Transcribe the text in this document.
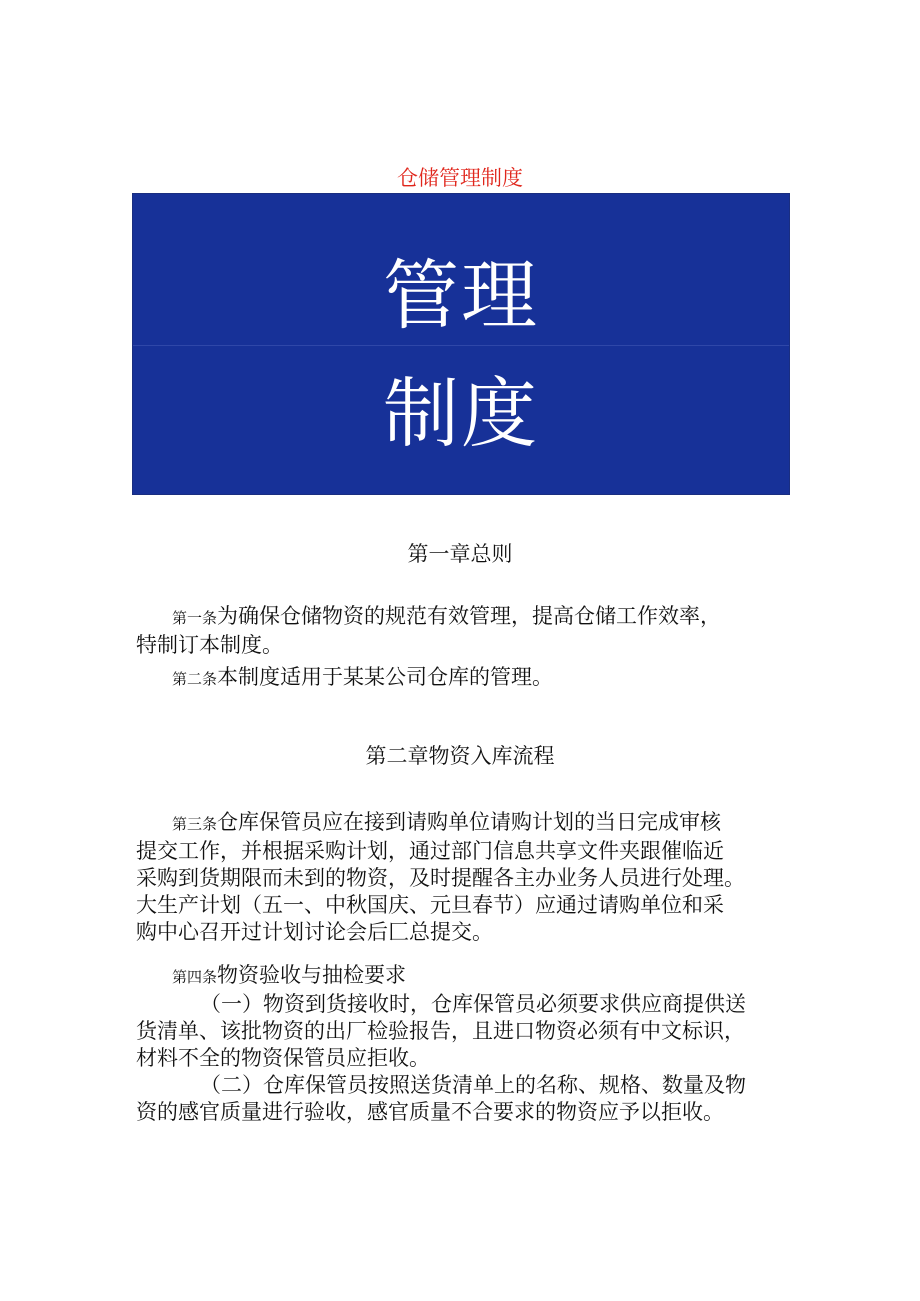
仓储管理制度
管理
制度
第一章总则
第一条为确保仓储物资的规范有效管理，提高仓储工作效率，
特制订本制度。
第二条本制度适用于某某公司仓库的管理。
第二章物资入库流程
第三条仓库保管员应在接到请购单位请购计划的当日完成审核
提交工作，并根据采购计划，通过部门信息共享文件夹跟催临近
采购到货期限而未到的物资，及时提醒各主办业务人员进行处理。
大生产计划（五一、中秋国庆、元旦春节）应通过请购单位和采
购中心召开过计划讨论会后匚总提交。
第四条物资验收与抽检要求
（一）物资到货接收时，仓库保管员必须要求供应商提供送
货清单、该批物资的出厂检验报告，且进口物资必须有中文标识，
材料不全的物资保管员应拒收。
（二）仓库保管员按照送货清单上的名称、规格、数量及物
资的感官质量进行验收，感官质量不合要求的物资应予以拒收。
